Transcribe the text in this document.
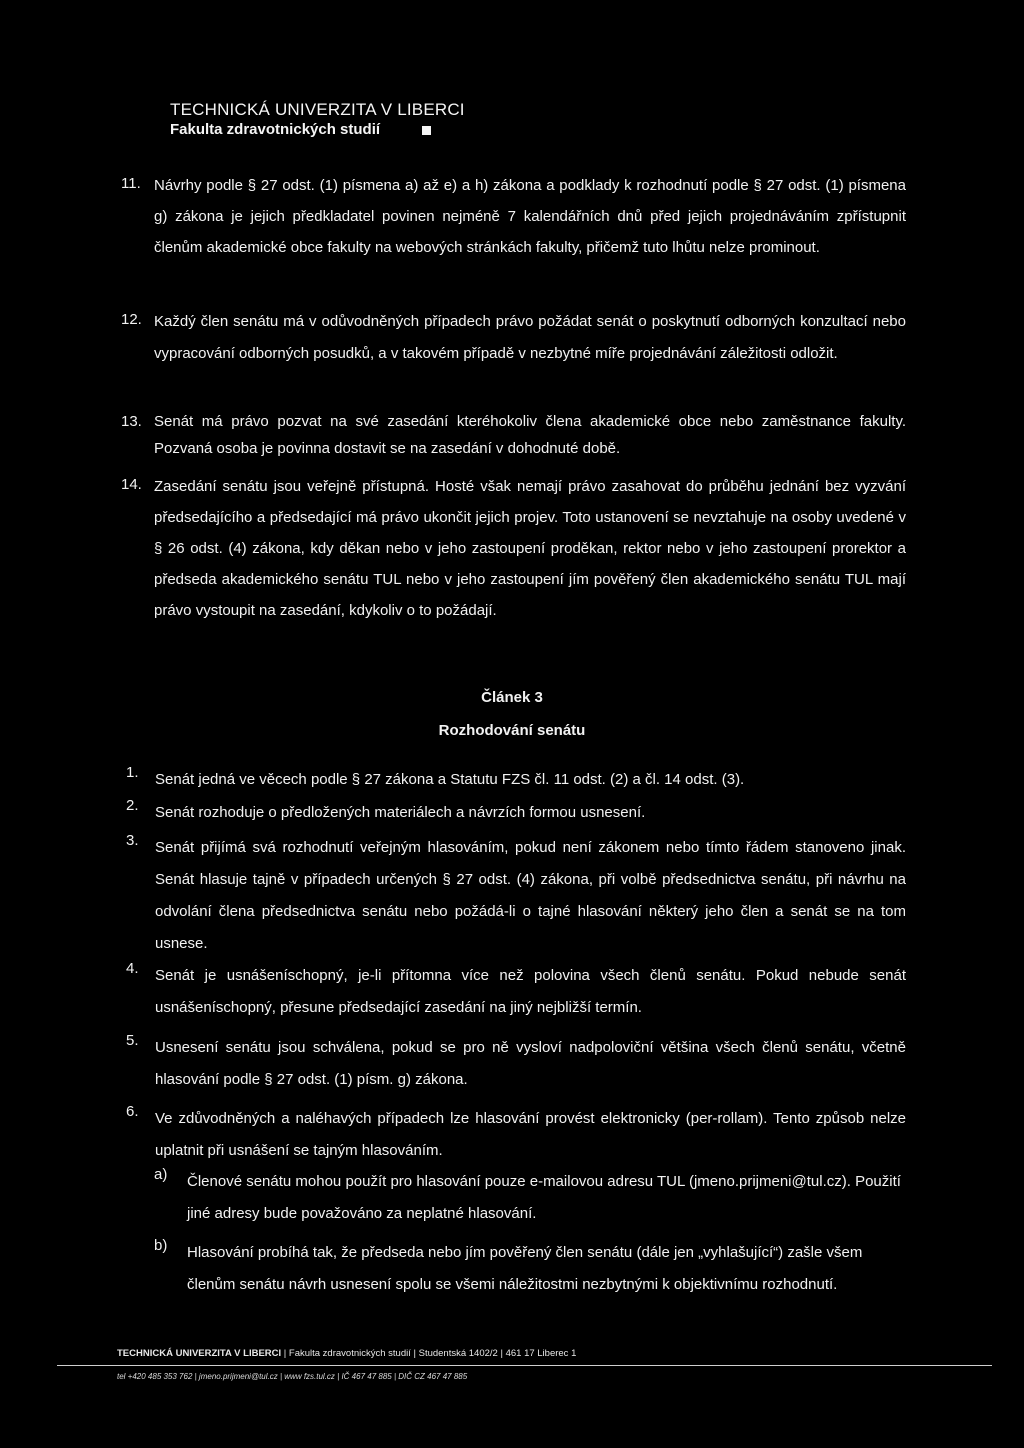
TECHNICKÁ UNIVERZITA V LIBERCI
Fakulta zdravotnických studií
11. Návrhy podle § 27 odst. (1) písmena a) až e) a h) zákona a podklady k rozhodnutí podle § 27 odst. (1) písmena g) zákona je jejich předkladatel povinen nejméně 7 kalendářních dnů před jejich projednáváním zpřístupnit členům akademické obce fakulty na webových stránkách fakulty, přičemž tuto lhůtu nelze prominout.
12. Každý člen senátu má v odůvodněných případech právo požádat senát o poskytnutí odborných konzultací nebo vypracování odborných posudků, a v takovém případě v nezbytné míře projednávání záležitosti odložit.
13. Senát má právo pozvat na své zasedání kteréhokoliv člena akademické obce nebo zaměstnance fakulty. Pozvaná osoba je povinna dostavit se na zasedání v dohodnuté době.
14. Zasedání senátu jsou veřejně přístupná. Hosté však nemají právo zasahovat do průběhu jednání bez vyzvání předsedajícího a předsedající má právo ukončit jejich projev. Toto ustanovení se nevztahuje na osoby uvedené v § 26 odst. (4) zákona, kdy děkan nebo v jeho zastoupení proděkan, rektor nebo v jeho zastoupení prorektor a předseda akademického senátu TUL nebo v jeho zastoupení jím pověřený člen akademického senátu TUL mají právo vystoupit na zasedání, kdykoliv o to požádají.
Článek 3
Rozhodování senátu
1. Senát jedná ve věcech podle § 27 zákona a Statutu FZS čl. 11 odst. (2) a čl. 14 odst. (3).
2. Senát rozhoduje o předložených materiálech a návrzích formou usnesení.
3. Senát přijímá svá rozhodnutí veřejným hlasováním, pokud není zákonem nebo tímto řádem stanoveno jinak. Senát hlasuje tajně v případech určených § 27 odst. (4) zákona, při volbě předsednictva senátu, při návrhu na odvolání člena předsednictva senátu nebo požádá-li o tajné hlasování některý jeho člen a senát se na tom usnese.
4. Senát je usnášeníschopný, je-li přítomna více než polovina všech členů senátu. Pokud nebude senát usnášeníschopný, přesune předsedající zasedání na jiný nejbližší termín.
5. Usnesení senátu jsou schválena, pokud se pro ně vysloví nadpoloviční většina všech členů senátu, včetně hlasování podle § 27 odst. (1) písm. g) zákona.
6. Ve zdůvodněných a naléhavých případech lze hlasování provést elektronicky (per-rollam). Tento způsob nelze uplatnit při usnášení se tajným hlasováním.
a) Členové senátu mohou použít pro hlasování pouze e-mailovou adresu TUL (jmeno.prijmeni@tul.cz). Použití jiné adresy bude považováno za neplatné hlasování.
b) Hlasování probíhá tak, že předseda nebo jím pověřený člen senátu (dále jen „vyhlašující“) zašle všem členům senátu návrh usnesení spolu se všemi náležitostmi nezbytnými k objektivnímu rozhodnutí.
TECHNICKÁ UNIVERZITA V LIBERCI | Fakulta zdravotnických studií | Studentská 1402/2 | 461 17 Liberec 1
tel +420 485 353 762 | jmeno.prijmeni@tul.cz | www fzs.tul.cz | IČ 467 47 885 | DIČ CZ 467 47 885
